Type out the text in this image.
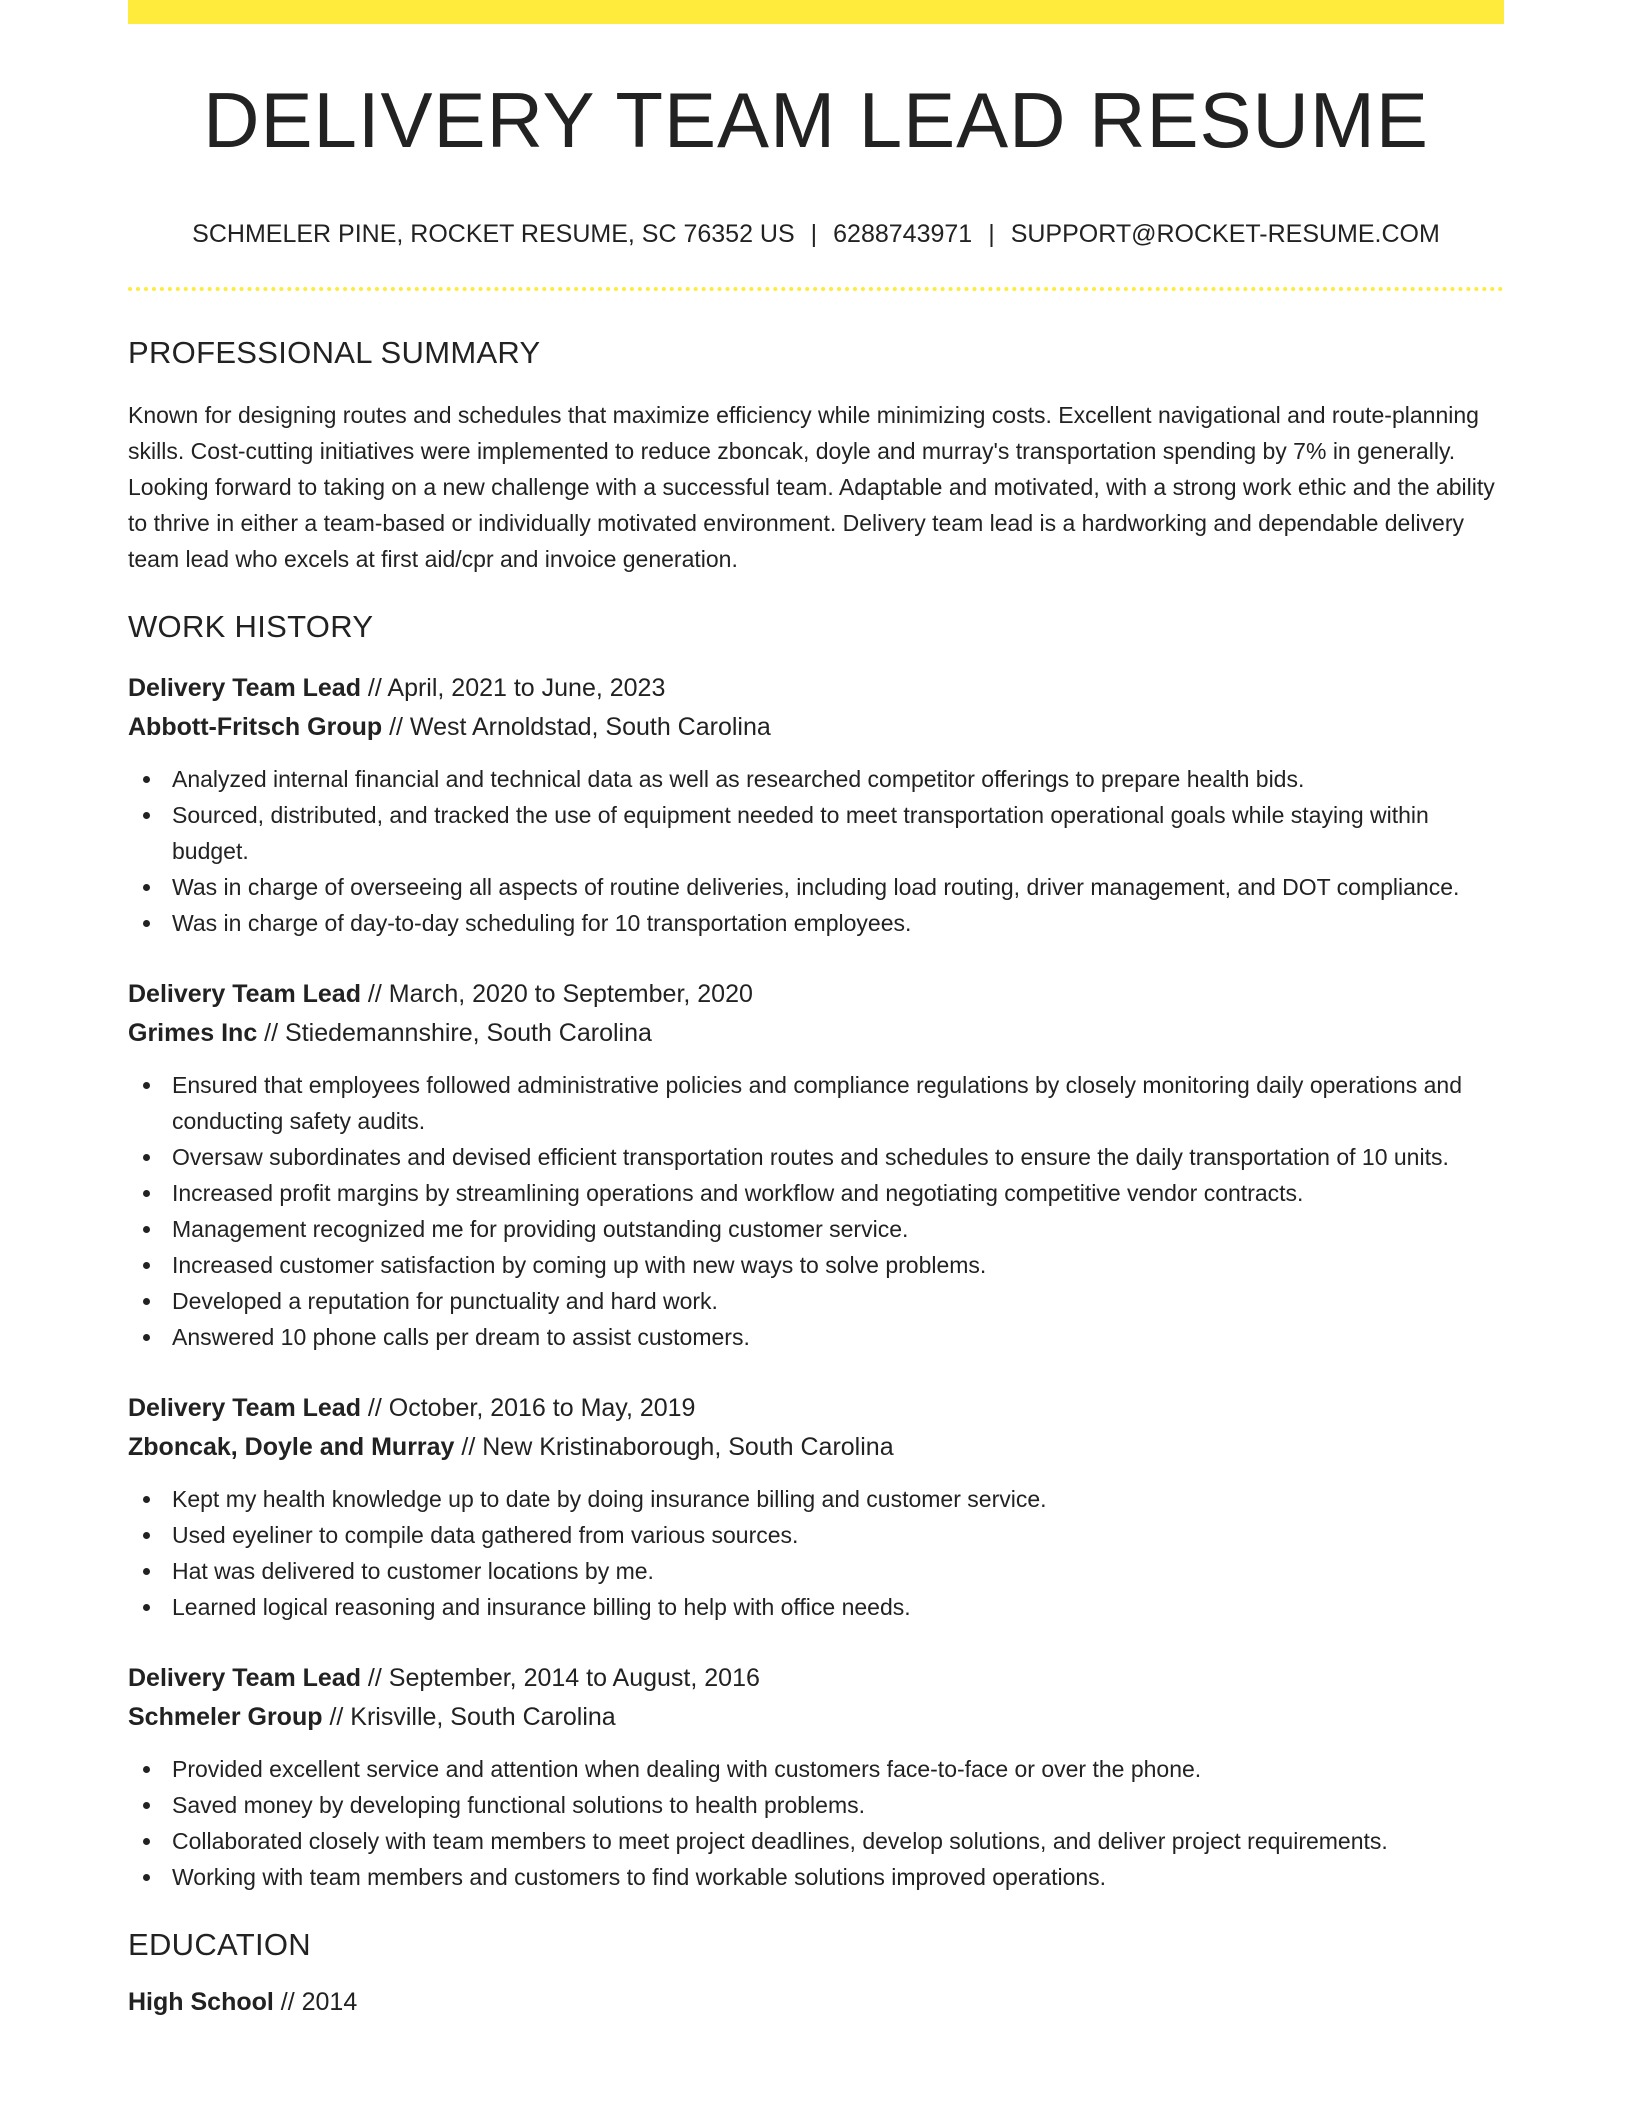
DELIVERY TEAM LEAD RESUME
SCHMELER PINE, ROCKET RESUME, SC 76352 US | 6288743971 | SUPPORT@ROCKET-RESUME.COM
PROFESSIONAL SUMMARY

Known for designing routes and schedules that maximize efficiency while minimizing costs. Excellent navigational and route-planning skills. Cost-cutting initiatives were implemented to reduce zboncak, doyle and murray's transportation spending by 7% in generally. Looking forward to taking on a new challenge with a successful team. Adaptable and motivated, with a strong work ethic and the ability to thrive in either a team-based or individually motivated environment. Delivery team lead is a hardworking and dependable delivery team lead who excels at first aid/cpr and invoice generation.

WORK HISTORY
Delivery Team Lead // April, 2021 to June, 2023
Abbott-Fritsch Group // West Arnoldstad, South Carolina
Analyzed internal financial and technical data as well as researched competitor offerings to prepare health bids.
Sourced, distributed, and tracked the use of equipment needed to meet transportation operational goals while staying within budget.
Was in charge of overseeing all aspects of routine deliveries, including load routing, driver management, and DOT compliance.
Was in charge of day-to-day scheduling for 10 transportation employees.
Delivery Team Lead // March, 2020 to September, 2020
Grimes Inc // Stiedemannshire, South Carolina
Ensured that employees followed administrative policies and compliance regulations by closely monitoring daily operations and conducting safety audits.
Oversaw subordinates and devised efficient transportation routes and schedules to ensure the daily transportation of 10 units.
Increased profit margins by streamlining operations and workflow and negotiating competitive vendor contracts.
Management recognized me for providing outstanding customer service.
Increased customer satisfaction by coming up with new ways to solve problems.
Developed a reputation for punctuality and hard work.
Answered 10 phone calls per dream to assist customers.
Delivery Team Lead // October, 2016 to May, 2019
Zboncak, Doyle and Murray // New Kristinaborough, South Carolina
Kept my health knowledge up to date by doing insurance billing and customer service.
Used eyeliner to compile data gathered from various sources.
Hat was delivered to customer locations by me.
Learned logical reasoning and insurance billing to help with office needs.
Delivery Team Lead // September, 2014 to August, 2016
Schmeler Group // Krisville, South Carolina
Provided excellent service and attention when dealing with customers face-to-face or over the phone.
Saved money by developing functional solutions to health problems.
Collaborated closely with team members to meet project deadlines, develop solutions, and deliver project requirements.
Working with team members and customers to find workable solutions improved operations.
EDUCATION
High School // 2014
